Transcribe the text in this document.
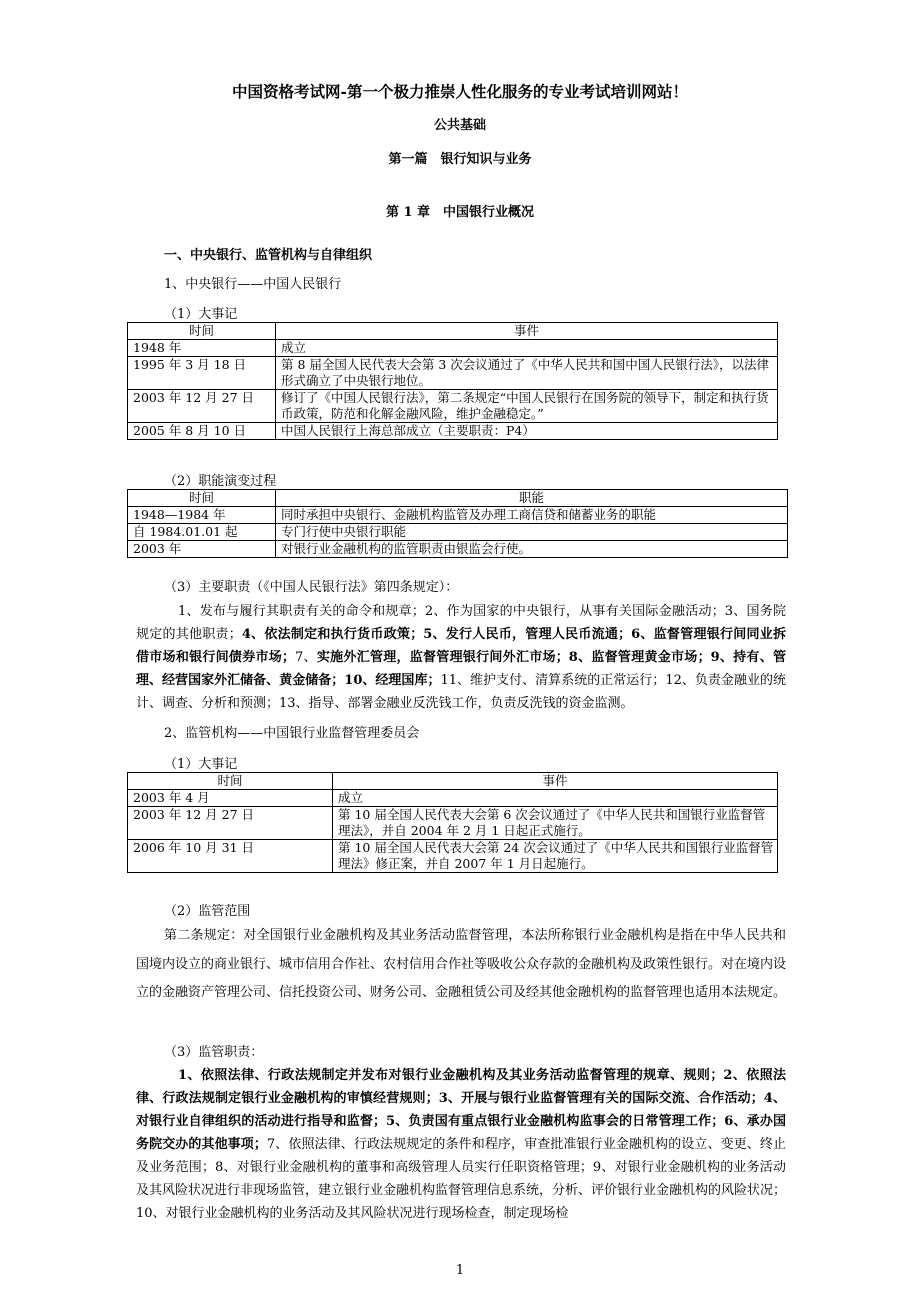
中国资格考试网-第一个极力推崇人性化服务的专业考试培训网站！
公共基础
第一篇　银行知识与业务
第 1 章　中国银行业概况
一、中央银行、监管机构与自律组织
1、中央银行——中国人民银行
（1）大事记
时间	事件
1948 年	成立
1995 年 3 月 18 日	第 8 届全国人民代表大会第 3 次会议通过了《中华人民共和国中国人民银行法》，以法律形式确立了中央银行地位。
2003 年 12 月 27 日	修订了《中国人民银行法》，第二条规定“中国人民银行在国务院的领导下，制定和执行货币政策，防范和化解金融风险，维护金融稳定。”
2005 年 8 月 10 日	中国人民银行上海总部成立（主要职责：P4）
（2）职能演变过程
时间	职能
1948—1984 年	同时承担中央银行、金融机构监管及办理工商信贷和储蓄业务的职能
自 1984.01.01 起	专门行使中央银行职能
2003 年	对银行业金融机构的监管职责由银监会行使。
（3）主要职责（《中国人民银行法》第四条规定）：
1、发布与履行其职责有关的命令和规章；2、作为国家的中央银行，从事有关国际金融活动；3、国务院规定的其他职责；4、依法制定和执行货币政策；5、发行人民币，管理人民币流通；6、监督管理银行间同业拆借市场和银行间债券市场；7、实施外汇管理，监督管理银行间外汇市场；8、监督管理黄金市场；9、持有、管理、经营国家外汇储备、黄金储备；10、经理国库；11、维护支付、清算系统的正常运行；12、负责金融业的统计、调查、分析和预测；13、指导、部署金融业反洗钱工作，负责反洗钱的资金监测。
2、监管机构——中国银行业监督管理委员会
（1）大事记
时间	事件
2003 年 4 月	成立
2003 年 12 月 27 日	第 10 届全国人民代表大会第 6 次会议通过了《中华人民共和国银行业监督管理法》，并自 2004 年 2 月 1 日起正式施行。
2006 年 10 月 31 日	第 10 届全国人民代表大会第 24 次会议通过了《中华人民共和国银行业监督管理法》修正案，并自 2007 年 1 月日起施行。
（2）监管范围
第二条规定：对全国银行业金融机构及其业务活动监督管理，本法所称银行业金融机构是指在中华人民共和国境内设立的商业银行、城市信用合作社、农村信用合作社等吸收公众存款的金融机构及政策性银行。对在境内设立的金融资产管理公司、信托投资公司、财务公司、金融租赁公司及经其他金融机构的监督管理也适用本法规定。
（3）监管职责：
1、依照法律、行政法规制定并发布对银行业金融机构及其业务活动监督管理的规章、规则；2、依照法律、行政法规制定银行业金融机构的审慎经营规则；3、开展与银行业监督管理有关的国际交流、合作活动；4、对银行业自律组织的活动进行指导和监督；5、负责国有重点银行业金融机构监事会的日常管理工作；6、承办国务院交办的其他事项；7、依照法律、行政法规规定的条件和程序，审查批准银行业金融机构的设立、变更、终止及业务范围；8、对银行业金融机构的董事和高级管理人员实行任职资格管理；9、对银行业金融机构的业务活动及其风险状况进行非现场监管，建立银行业金融机构监督管理信息系统，分析、评价银行业金融机构的风险状况；10、对银行业金融机构的业务活动及其风险状况进行现场检查，制定现场检
1
